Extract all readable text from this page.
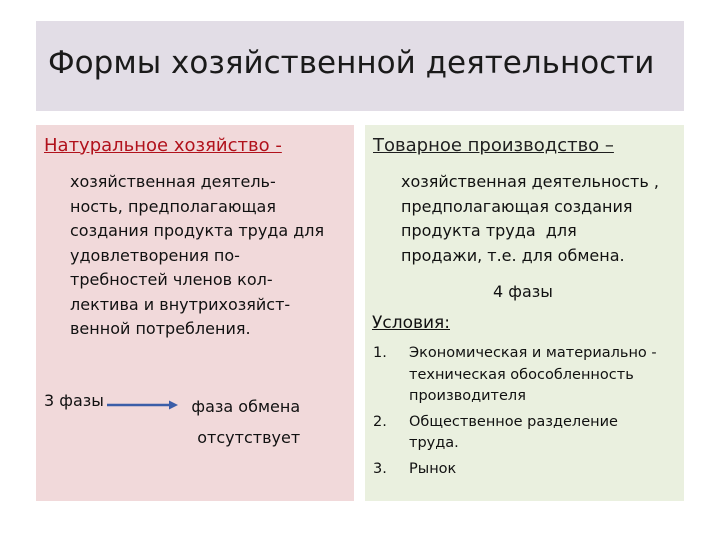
Формы хозяйственной деятельности
Натуральное хозяйство -
хозяйственная деятель-
ность, предполагающая
создания продукта труда для
удовлетворения по-
требностей членов кол-
лектива и внутрихозяйст-
венной потребления.
3 фазы	фаза обмена
отсутствует
Товарное производство –
хозяйственная деятельность ,
предполагающая создания
продукта труда  для
продажи, т.е. для обмена.
4 фазы
Условия:
1. Экономическая и материально -
техническая обособленность
производителя
2. Общественное разделение
труда.
3. Рынок
